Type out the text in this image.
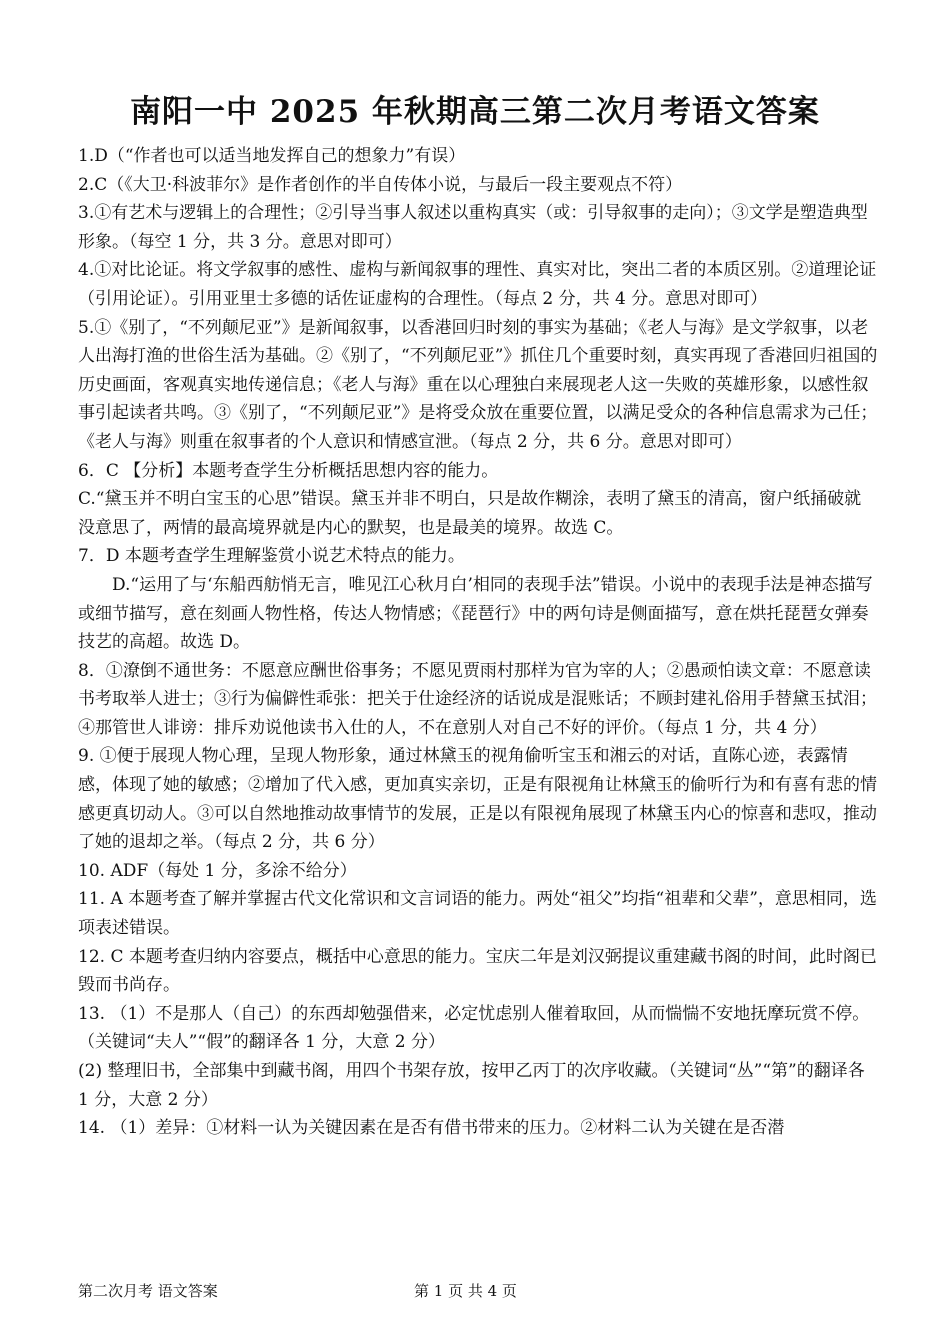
南阳一中 2025 年秋期高三第二次月考语文答案

1.D（“作者也可以适当地发挥自己的想象力”有误）

2.C（《大卫·科波菲尔》是作者创作的半自传体小说，与最后一段主要观点不符）

3.①有艺术与逻辑上的合理性；②引导当事人叙述以重构真实（或：引导叙事的走向）；③文学是塑造典型形象。（每空 1 分，共 3 分。意思对即可）

4.①对比论证。将文学叙事的感性、虚构与新闻叙事的理性、真实对比，突出二者的本质区别。②道理论证（引用论证）。引用亚里士多德的话佐证虚构的合理性。（每点 2 分，共 4 分。意思对即可）

5.①《别了，“不列颠尼亚”》是新闻叙事，以香港回归时刻的事实为基础；《老人与海》是文学叙事，以老人出海打渔的世俗生活为基础。②《别了，“不列颠尼亚”》抓住几个重要时刻，真实再现了香港回归祖国的历史画面，客观真实地传递信息；《老人与海》重在以心理独白来展现老人这一失败的英雄形象，以感性叙事引起读者共鸣。③《别了，“不列颠尼亚”》是将受众放在重要位置，以满足受众的各种信息需求为己任；《老人与海》则重在叙事者的个人意识和情感宣泄。（每点 2 分，共 6 分。意思对即可）

6．C 【分析】本题考查学生分析概括思想内容的能力。

C.“黛玉并不明白宝玉的心思”错误。黛玉并非不明白，只是故作糊涂，表明了黛玉的清高，窗户纸捅破就没意思了，两情的最高境界就是内心的默契，也是最美的境界。故选 C。

7．D 本题考查学生理解鉴赏小说艺术特点的能力。

D.“运用了与‘东船西舫悄无言，唯见江心秋月白’相同的表现手法”错误。小说中的表现手法是神态描写或细节描写，意在刻画人物性格，传达人物情感；《琵琶行》中的两句诗是侧面描写，意在烘托琵琶女弹奏技艺的高超。故选 D。

8．①潦倒不通世务：不愿意应酬世俗事务；不愿见贾雨村那样为官为宰的人；②愚顽怕读文章：不愿意读书考取举人进士；③行为偏僻性乖张：把关于仕途经济的话说成是混账话；不顾封建礼俗用手替黛玉拭泪；④那管世人诽谤：排斥劝说他读书入仕的人，不在意别人对自己不好的评价。（每点 1 分，共 4 分）

9. ①便于展现人物心理，呈现人物形象，通过林黛玉的视角偷听宝玉和湘云的对话，直陈心迹，表露情感，体现了她的敏感；②增加了代入感，更加真实亲切，正是有限视角让林黛玉的偷听行为和有喜有悲的情感更真切动人。③可以自然地推动故事情节的发展，正是以有限视角展现了林黛玉内心的惊喜和悲叹，推动了她的退却之举。（每点 2 分，共 6 分）

10. ADF（每处 1 分，多涂不给分）

11. A 本题考查了解并掌握古代文化常识和文言词语的能力。两处“祖父”均指“祖辈和父辈”，意思相同，选项表述错误。

12. C 本题考查归纳内容要点，概括中心意思的能力。宝庆二年是刘汉弼提议重建藏书阁的时间，此时阁已毁而书尚存。

13. （1）不是那人（自己）的东西却勉强借来，必定忧虑别人催着取回，从而惴惴不安地抚摩玩赏不停。（关键词“夫人”“假”的翻译各 1 分，大意 2 分）

(2) 整理旧书，全部集中到藏书阁，用四个书架存放，按甲乙丙丁的次序收藏。（关键词“丛”“第”的翻译各 1 分，大意 2 分）

14. （1）差异：①材料一认为关键因素在是否有借书带来的压力。②材料二认为关键在是否潜

第二次月考 语文答案	第 1 页 共 4 页
